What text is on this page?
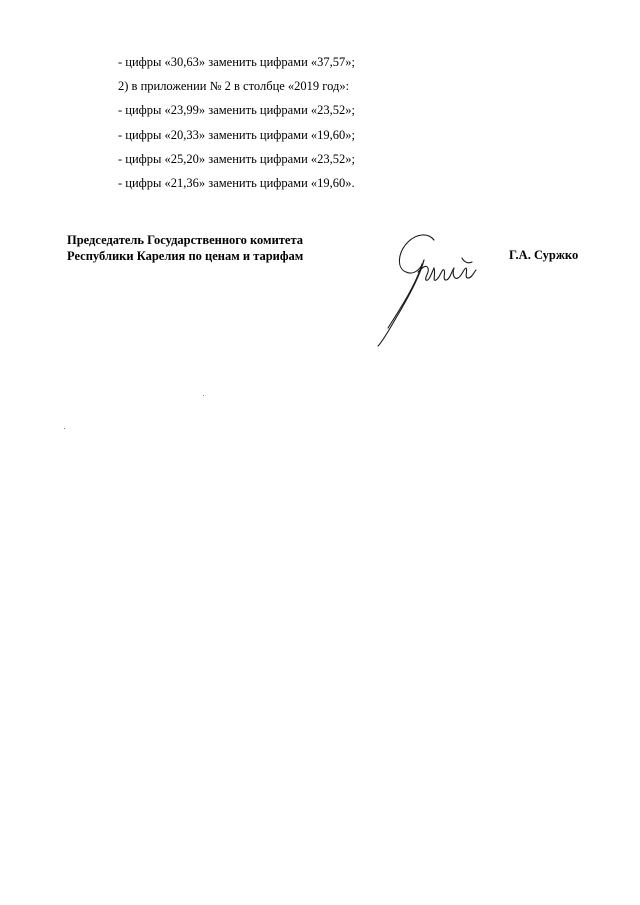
- цифры «30,63» заменить цифрами «37,57»;
2) в приложении № 2 в столбце «2019 год»:
- цифры «23,99» заменить цифрами «23,52»;
- цифры «20,33» заменить цифрами «19,60»;
- цифры «25,20» заменить цифрами «23,52»;
- цифры «21,36» заменить цифрами «19,60».
Председатель Государственного комитета
Республики Карелия по ценам и тарифам	Г.А. Суржко
